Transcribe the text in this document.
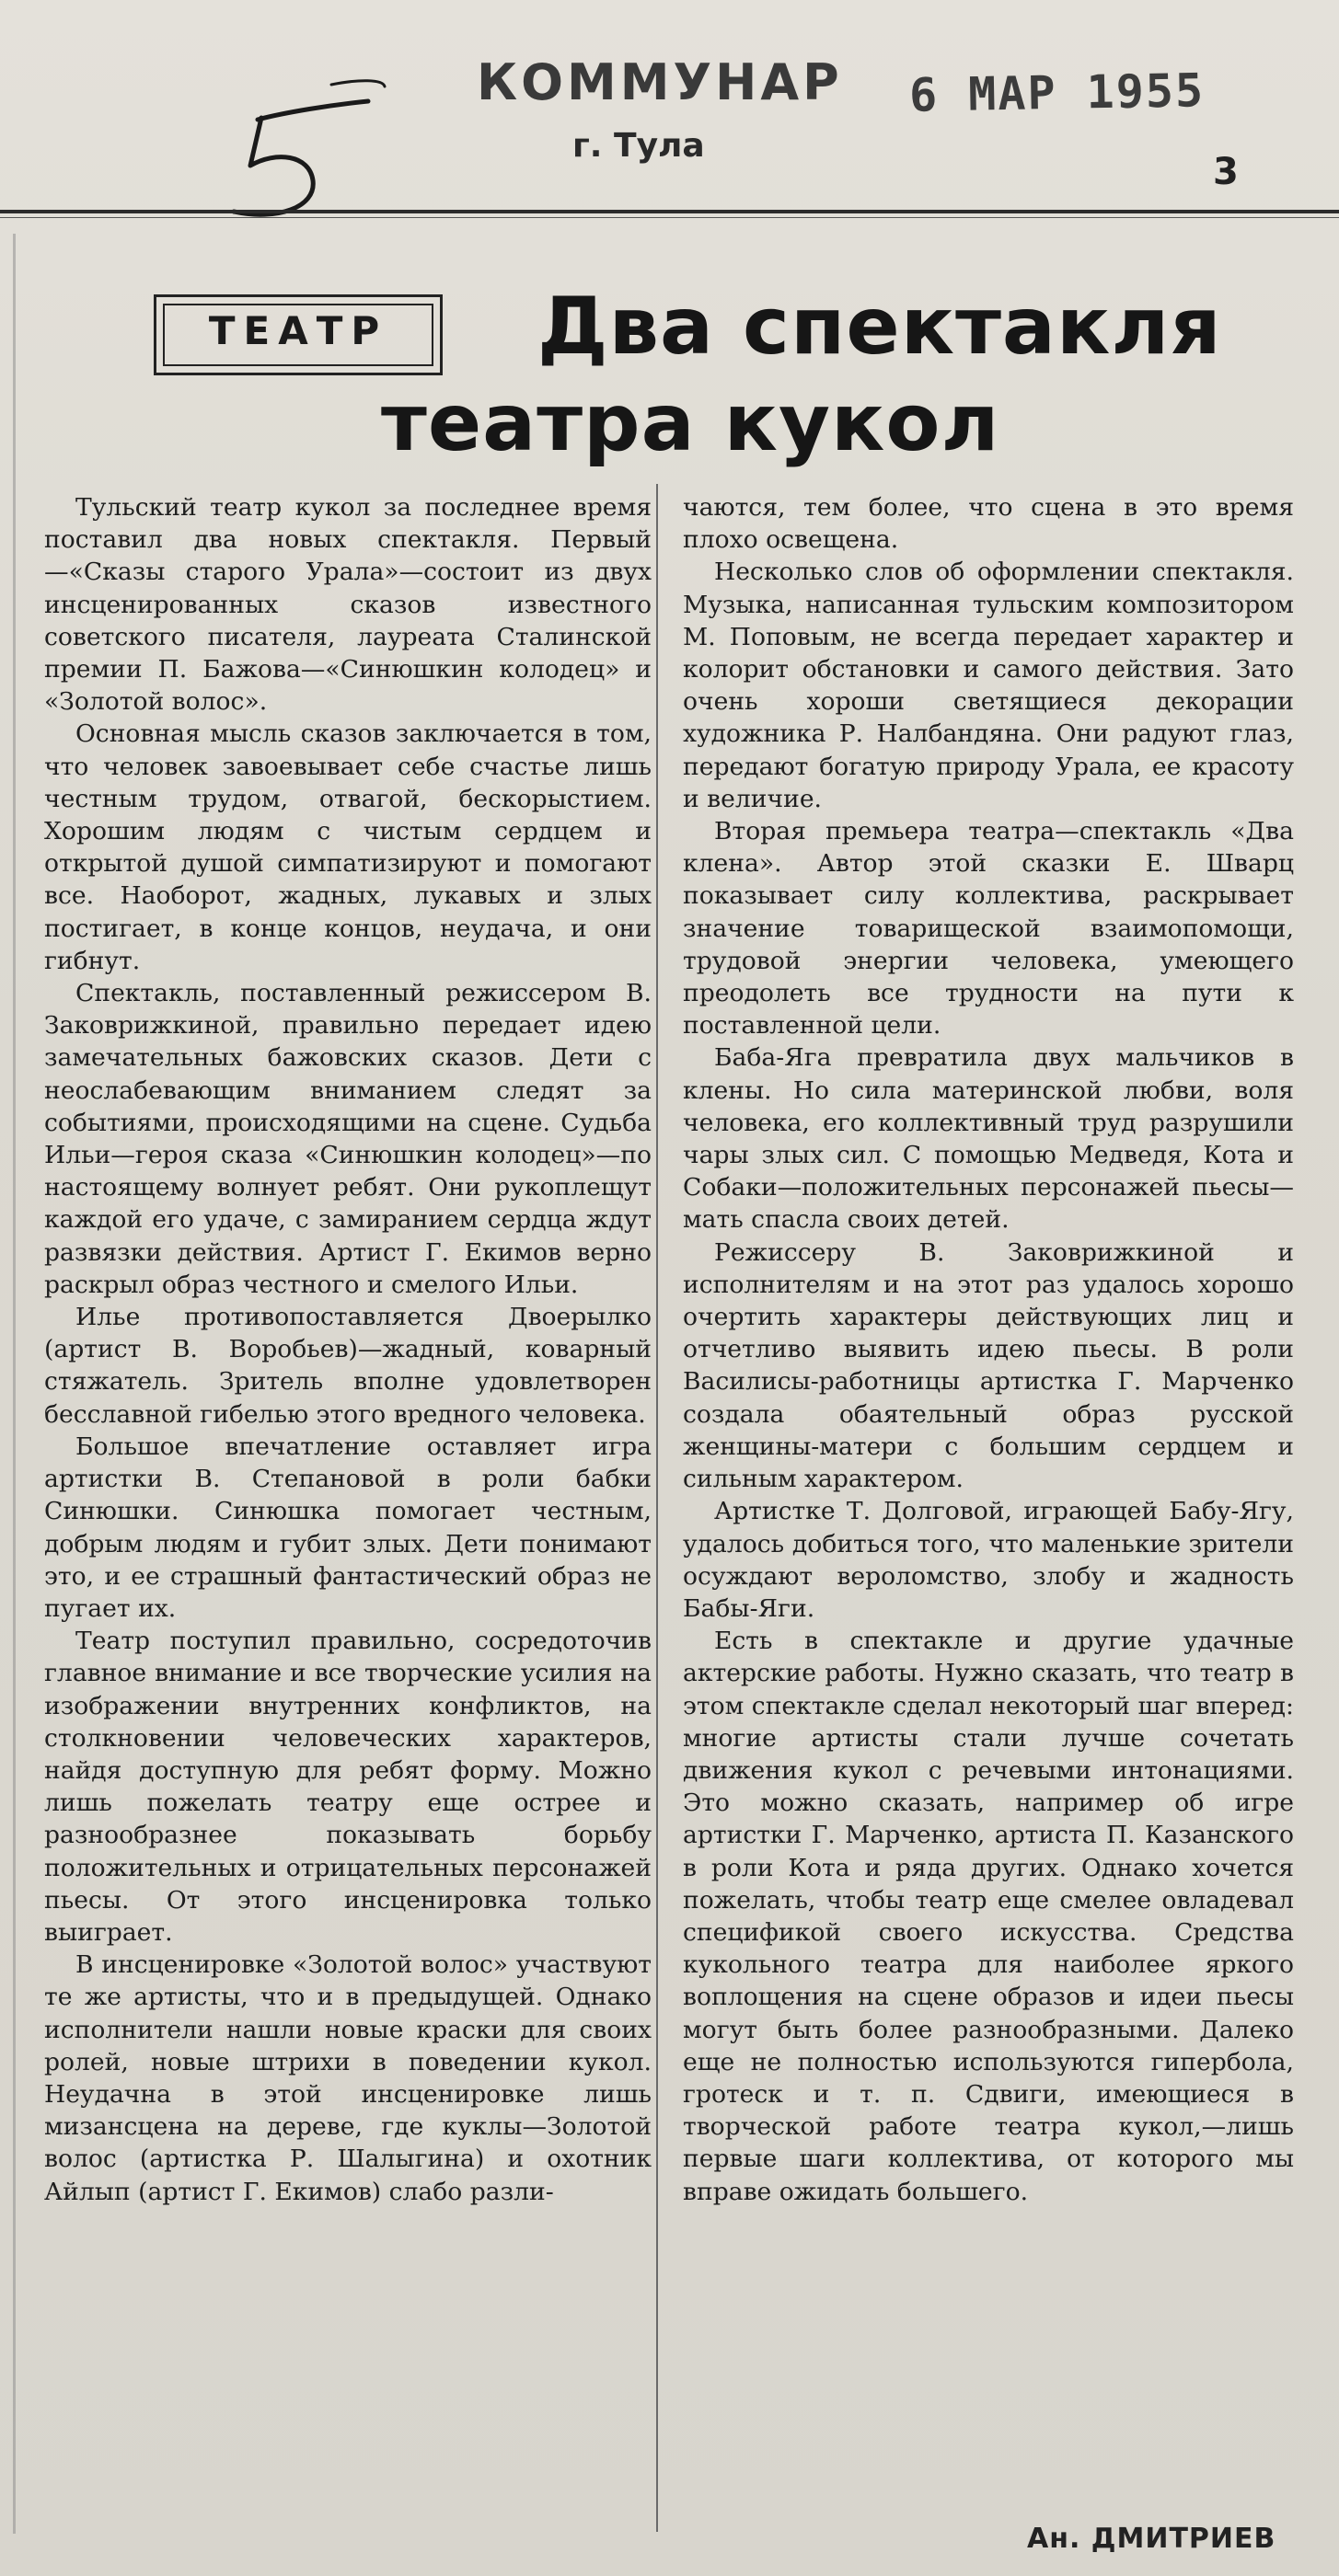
КОММУНАР
г. Тула
6 МАР 1955
3
ТЕАТР	Два спектакля
театра кукол

Тульский театр кукол за последнее время поставил два новых спектакля. Первый—«Сказы старого Урала»—состоит из двух инсценированных сказов известного советского писателя, лауреата Сталинской премии П. Бажова—«Синюшкин колодец» и «Золотой волос».

Основная мысль сказов заключается в том, что человек завоевывает себе счастье лишь честным трудом, отвагой, бескорыстием. Хорошим людям с чистым сердцем и открытой душой симпатизируют и помогают все. Наоборот, жадных, лукавых и злых постигает, в конце концов, неудача, и они гибнут.

Спектакль, поставленный режиссером В. Заковрижкиной, правильно передает идею замечательных бажовских сказов. Дети с неослабевающим вниманием следят за событиями, происходящими на сцене. Судьба Ильи—героя сказа «Синюшкин колодец»—по настоящему волнует ребят. Они рукоплещут каждой его удаче, с замиранием сердца ждут развязки действия. Артист Г. Екимов верно раскрыл образ честного и смелого Ильи.

Илье противопоставляется Двоерылко (артист В. Воробьев)—жадный, коварный стяжатель. Зритель вполне удовлетворен бесславной гибелью этого вредного человека.

Большое впечатление оставляет игра артистки В. Степановой в роли бабки Синюшки. Синюшка помогает честным, добрым людям и губит злых. Дети понимают это, и ее страшный фантастический образ не пугает их.

Театр поступил правильно, сосредоточив главное внимание и все творческие усилия на изображении внутренних конфликтов, на столкновении человеческих характеров, найдя доступную для ребят форму. Можно лишь пожелать театру еще острее и разнообразнее показывать борьбу положительных и отрицательных персонажей пьесы. От этого инсценировка только выиграет.

В инсценировке «Золотой волос» участвуют те же артисты, что и в предыдущей. Однако исполнители нашли новые краски для своих ролей, новые штрихи в поведении кукол. Неудачна в этой инсценировке лишь мизансцена на дереве, где куклы—Золотой волос (артистка Р. Шалыгина) и охотник Айлып (артист Г. Екимов) слабо разли-

чаются, тем более, что сцена в это время плохо освещена.

Несколько слов об оформлении спектакля. Музыка, написанная тульским композитором М. Поповым, не всегда передает характер и колорит обстановки и самого действия. Зато очень хороши светящиеся декорации художника Р. Налбандяна. Они радуют глаз, передают богатую природу Урала, ее красоту и величие.

Вторая премьера театра—спектакль «Два клена». Автор этой сказки Е. Шварц показывает силу коллектива, раскрывает значение товарищеской взаимопомощи, трудовой энергии человека, умеющего преодолеть все трудности на пути к поставленной цели.

Баба-Яга превратила двух мальчиков в клены. Но сила материнской любви, воля человека, его коллективный труд разрушили чары злых сил. С помощью Медведя, Кота и Собаки—положительных персонажей пьесы—мать спасла своих детей.

Режиссеру В. Заковрижкиной и исполнителям и на этот раз удалось хорошо очертить характеры действующих лиц и отчетливо выявить идею пьесы. В роли Василисы-работницы артистка Г. Марченко создала обаятельный образ русской женщины-матери с большим сердцем и сильным характером.

Артистке Т. Долговой, играющей Бабу-Ягу, удалось добиться того, что маленькие зрители осуждают вероломство, злобу и жадность Бабы-Яги.

Есть в спектакле и другие удачные актерские работы. Нужно сказать, что театр в этом спектакле сделал некоторый шаг вперед: многие артисты стали лучше сочетать движения кукол с речевыми интонациями. Это можно сказать, например об игре артистки Г. Марченко, артиста П. Казанского в роли Кота и ряда других. Однако хочется пожелать, чтобы театр еще смелее овладевал спецификой своего искусства. Средства кукольного театра для наиболее яркого воплощения на сцене образов и идеи пьесы могут быть более разнообразными. Далеко еще не полностью используются гипербола, гротеск и т. п. Сдвиги, имеющиеся в творческой работе театра кукол,—лишь первые шаги коллектива, от которого мы вправе ожидать большего.

Ан. ДМИТРИЕВ
